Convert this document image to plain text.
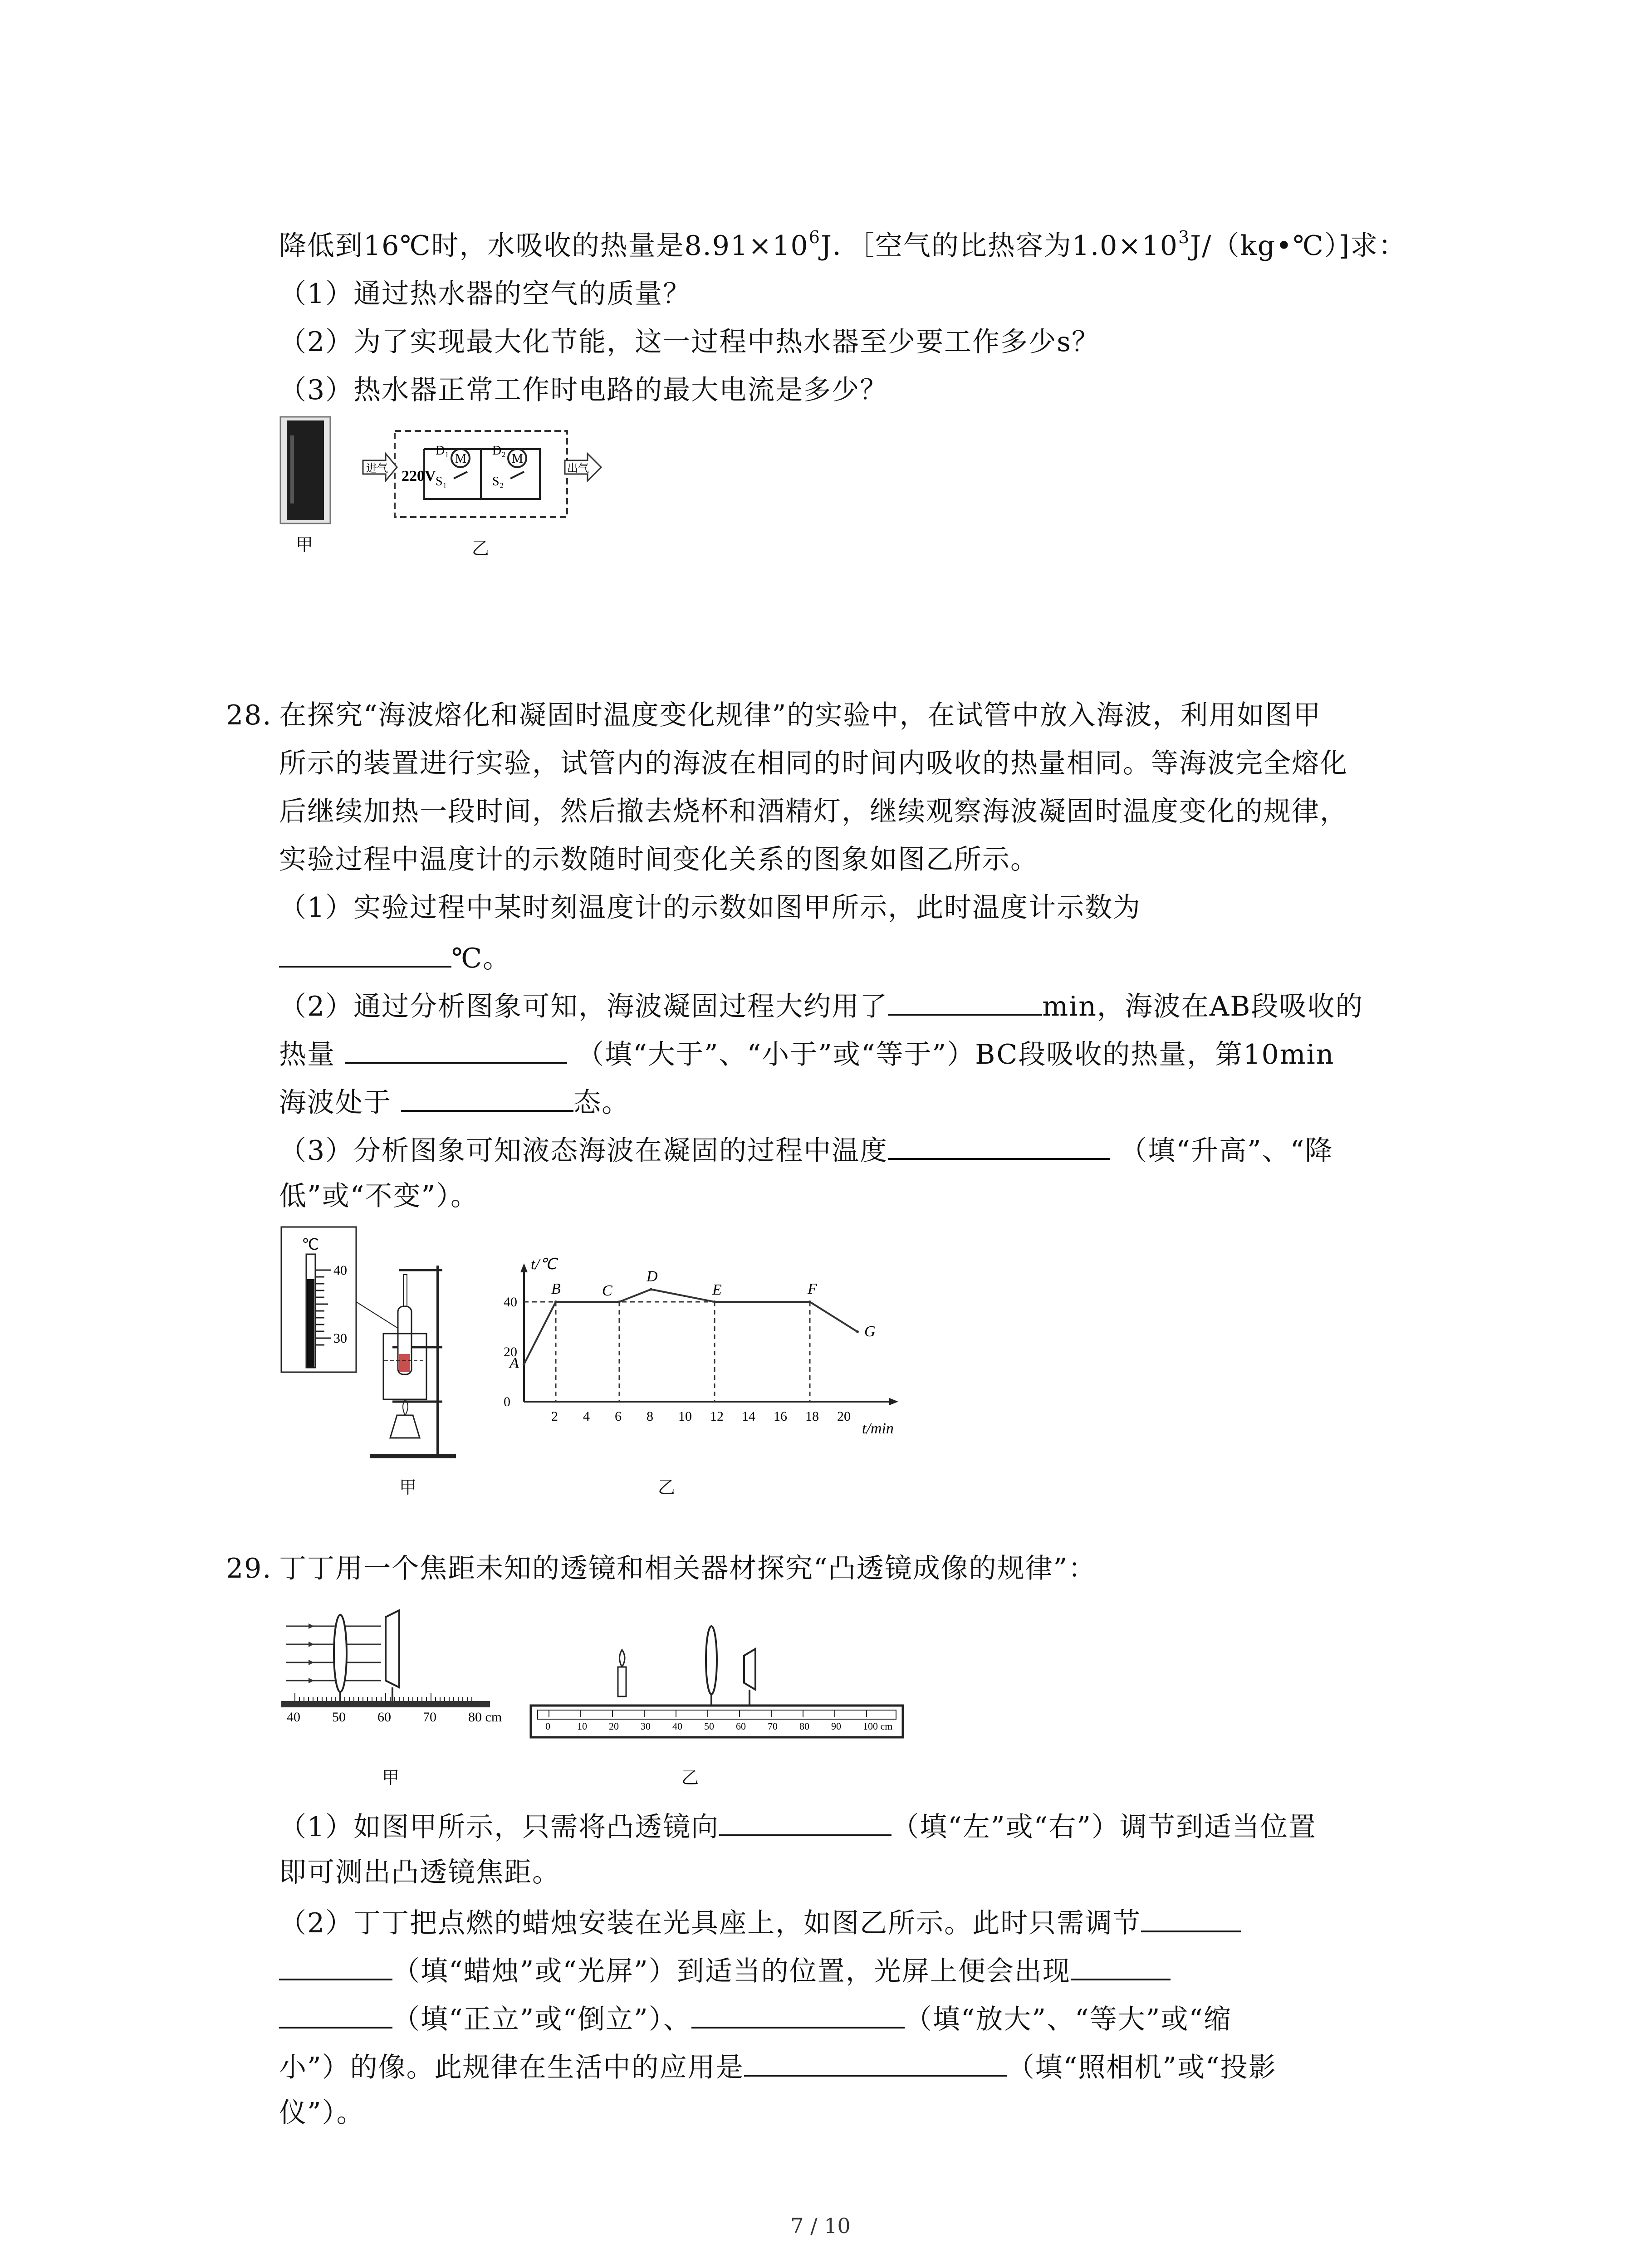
降低到16℃时，水吸收的热量是$8.91\times 10^6J$．［空气的比热容为$1.0\times 10^3J/(kg•℃)$]求：
（1）通过热水器的空气的质量？
（2）为了实现最大化节能，这一过程中热水器至少要工作多少s？
（3）热水器正常工作时电路的最大电流是多少？
甲
进气	出气
220V
M	M
D₁	D₂
S₁	S₂
乙
28. 在探究“海波熔化和凝固时温度变化规律”的实验中，在试管中放入海波，利用如图甲
所示的装置进行实验，试管内的海波在相同的时间内吸收的热量相同。等海波完全熔化
后继续加热一段时间，然后撤去烧杯和酒精灯，继续观察海波凝固时温度变化的规律，
实验过程中温度计的示数随时间变化关系的图象如图乙所示。
（1）实验过程中某时刻温度计的示数如图甲所示，此时温度计示数为
℃。
（2）通过分析图象可知，海波凝固过程大约用了	min，海波在AB段吸收的
热量	（填“大于”、“小于”或“等于”）BC段吸收的热量，第10min
海波处于	态。
（3）分析图象可知液态海波在凝固的过程中温度	（填“升高”、“降
低”或“不变”）。
℃
40
30
甲
t/℃
t/min
2 4 6 8 10 12 14 16 18 20
0
20
40
A
B	C
D
E	F
G
乙
29. 丁丁用一个焦距未知的透镜和相关器材探究“凸透镜成像的规律”：
40 50 60 70 80 cm
甲
0	10 20 30 40 50 60 70 80 90 100 cm
乙
（1）如图甲所示，只需将凸透镜向	（填“左”或“右”）调节到适当位置
即可测出凸透镜焦距。
（2）丁丁把点燃的蜡烛安装在光具座上，如图乙所示。此时只需调节
（填“蜡烛”或“光屏”）到适当的位置，光屏上便会出现
（填“正立”或“倒立”）、	（填“放大”、“等大”或“缩
小”）的像。此规律在生活中的应用是	（填“照相机”或“投影
仪”）。
7 / 10
